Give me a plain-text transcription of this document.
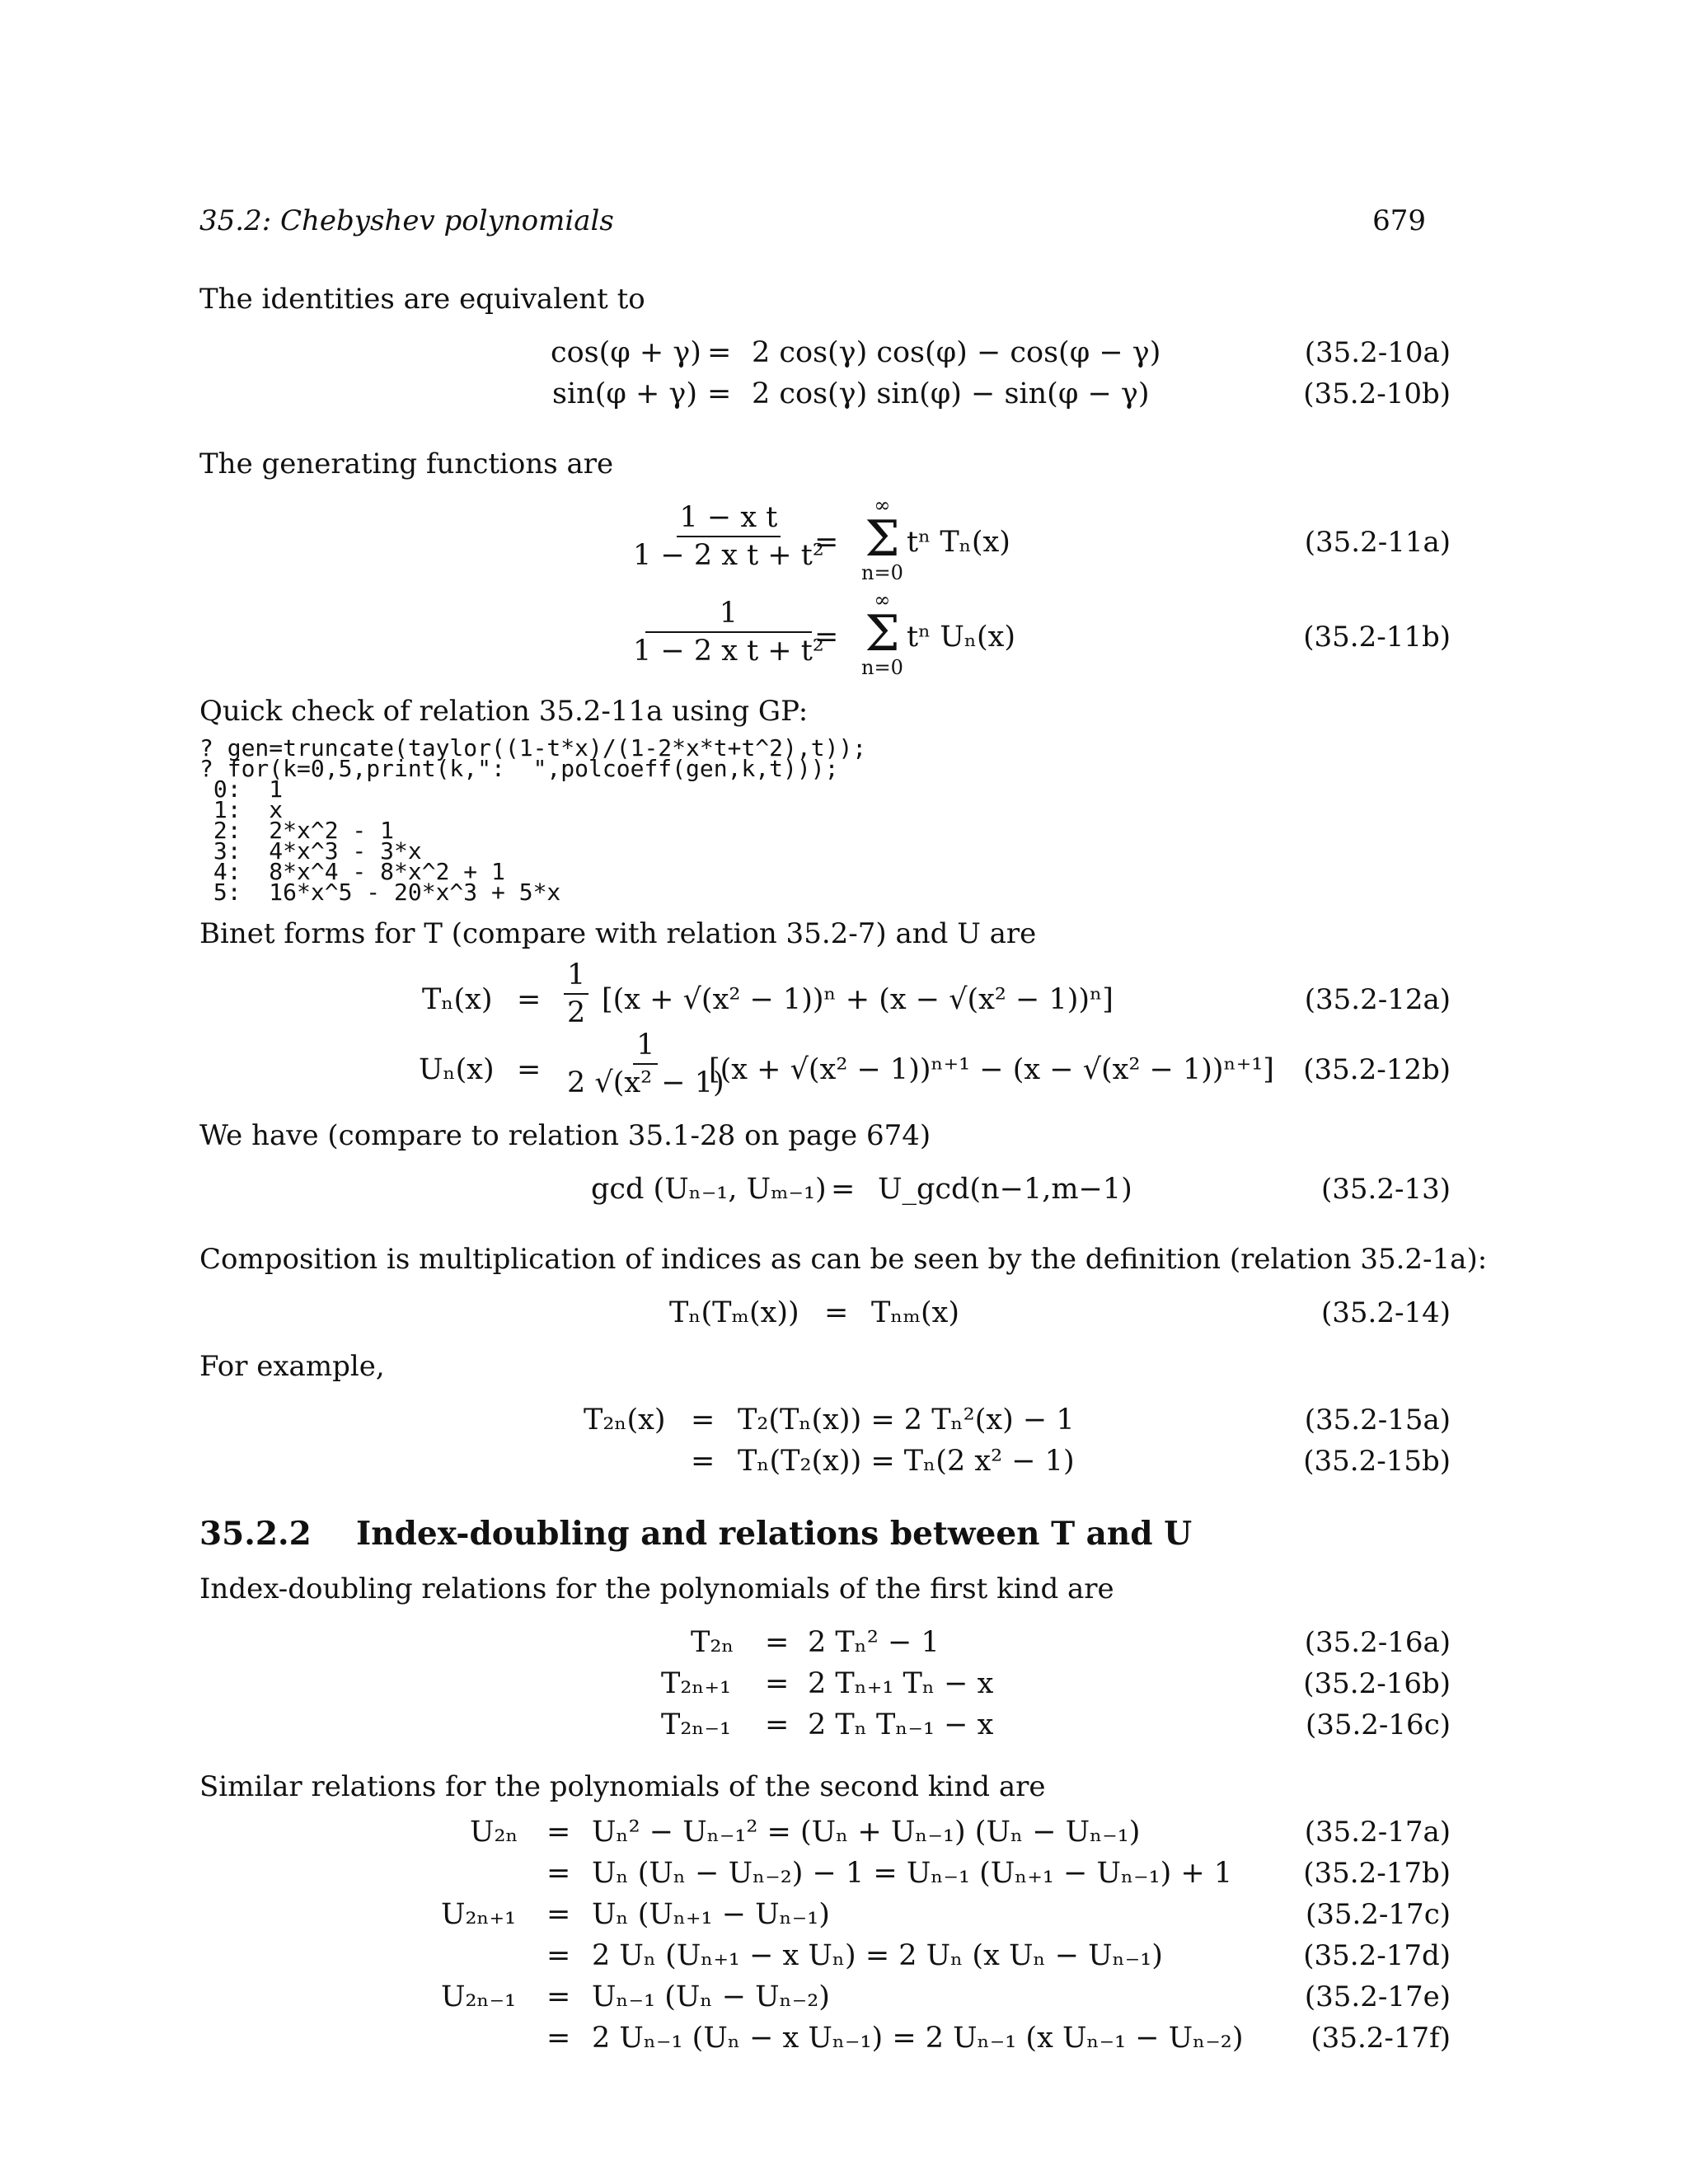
35.2: Chebyshev polynomials	679
The identities are equivalent to
cos(φ + γ) = 2 cos(γ) cos(φ) − cos(φ − γ)	(35.2-10a)
sin(φ + γ) = 2 cos(γ) sin(φ) − sin(φ − γ)	(35.2-10b)
The generating functions are
$\frac{\text{1 − x t}}{\text{1 − 2 x t + t²}}$
=
∞
Σ
n=0
tⁿ Tₙ(x)	(35.2-11a)
$\frac{1}{\text{1 − 2 x t + t²}}$
=
∞
Σ
n=0
tⁿ Uₙ(x)	(35.2-11b)
Quick check of relation 35.2-11a using GP:
? gen=truncate(taylor((1-t*x)/(1-2*x*t+t^2),t));
? for(k=0,5,print(k,":  ",polcoeff(gen,k,t)));
0:  1
1:  x
2:  2*x^2 - 1
3:  4*x^3 - 3*x
4:  8*x^4 - 8*x^2 + 1
5:  16*x^5 - 20*x^3 + 5*x
Binet forms for T (compare with relation 35.2-7) and U are
$T_n(x) = \frac{1}{2} [(x + √(x^2 - 1))^n + (x - √(x^2 - 1))^n]$	(35.2-12a)
$U_n(x) = \frac{1}{\text{2 √(x² − 1)}}$
[(x + √(x² − 1))ⁿ⁺¹ − (x − √(x² − 1))ⁿ⁺¹] (35.2-12b)
We have (compare to relation 35.1-28 on page 674)
gcd (Uₙ₋₁, Uₘ₋₁) = U_gcd(n−1,m−1)	(35.2-13)
Composition is multiplication of indices as can be seen by the definition (relation 35.2-1a):
Tₙ(Tₘ(x)) = Tₙₘ(x)	(35.2-14)
For example,
T₂ₙ(x) = T₂(Tₙ(x)) = 2 Tₙ²(x) − 1	(35.2-15a)
= Tₙ(T₂(x)) = Tₙ(2 x² − 1)	(35.2-15b)
35.2.2 Index-doubling and relations between T and U
Index-doubling relations for the polynomials of the first kind are
T₂ₙ = 2 Tₙ² − 1	(35.2-16a)
T₂ₙ₊₁ = 2 Tₙ₊₁ Tₙ − x	(35.2-16b)
T₂ₙ₋₁ = 2 Tₙ Tₙ₋₁ − x	(35.2-16c)
Similar relations for the polynomials of the second kind are
U₂ₙ = Uₙ² − Uₙ₋₁² = (Uₙ + Uₙ₋₁) (Uₙ − Uₙ₋₁)	(35.2-17a)
= Uₙ (Uₙ − Uₙ₋₂) − 1 = Uₙ₋₁ (Uₙ₊₁ − Uₙ₋₁) + 1	(35.2-17b)
U₂ₙ₊₁ = Uₙ (Uₙ₊₁ − Uₙ₋₁)	(35.2-17c)
= 2 Uₙ (Uₙ₊₁ − x Uₙ) = 2 Uₙ (x Uₙ − Uₙ₋₁)	(35.2-17d)
U₂ₙ₋₁ = Uₙ₋₁ (Uₙ − Uₙ₋₂)	(35.2-17e)
= 2 Uₙ₋₁ (Uₙ − x Uₙ₋₁) = 2 Uₙ₋₁ (x Uₙ₋₁ − Uₙ₋₂) (35.2-17f)
